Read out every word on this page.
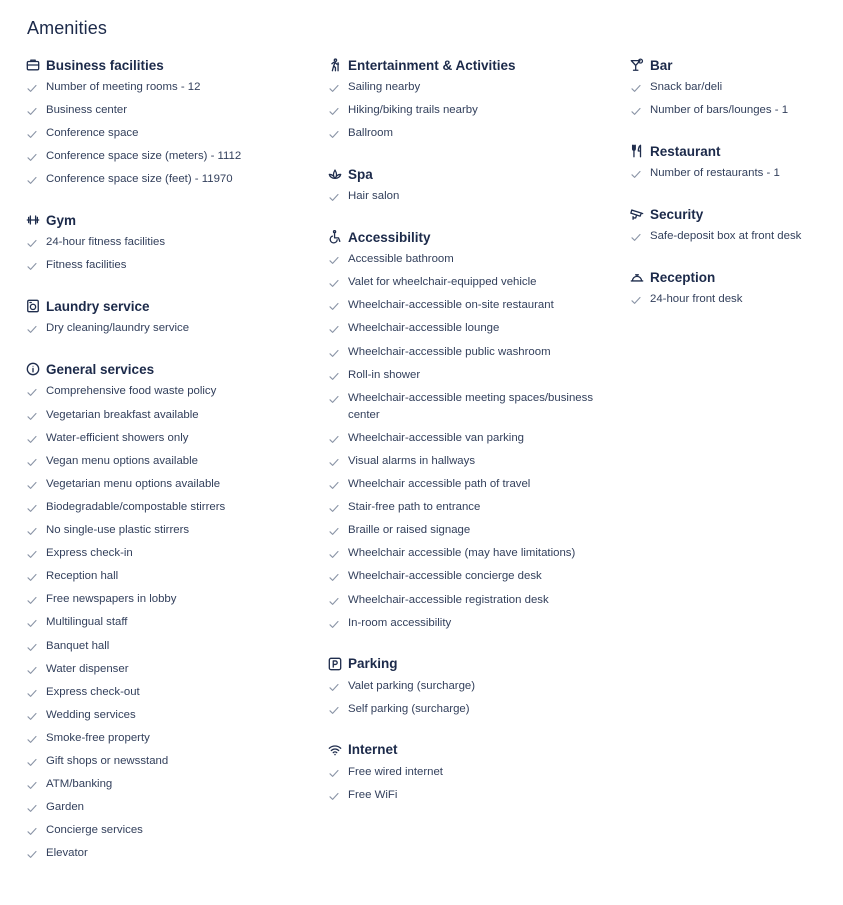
Amenities
Business facilities
Number of meeting rooms - 12
Business center
Conference space
Conference space size (meters) - 1112
Conference space size (feet) - 11970
Gym
24-hour fitness facilities
Fitness facilities
Laundry service
Dry cleaning/laundry service
General services
Comprehensive food waste policy
Vegetarian breakfast available
Water-efficient showers only
Vegan menu options available
Vegetarian menu options available
Biodegradable/compostable stirrers
No single-use plastic stirrers
Express check-in
Reception hall
Free newspapers in lobby
Multilingual staff
Banquet hall
Water dispenser
Express check-out
Wedding services
Smoke-free property
Gift shops or newsstand
ATM/banking
Garden
Concierge services
Elevator
Entertainment & Activities
Sailing nearby
Hiking/biking trails nearby
Ballroom
Spa
Hair salon
Accessibility
Accessible bathroom
Valet for wheelchair-equipped vehicle
Wheelchair-accessible on-site restaurant
Wheelchair-accessible lounge
Wheelchair-accessible public washroom
Roll-in shower
Wheelchair-accessible meeting spaces/business center
Wheelchair-accessible van parking
Visual alarms in hallways
Wheelchair accessible path of travel
Stair-free path to entrance
Braille or raised signage
Wheelchair accessible (may have limitations)
Wheelchair-accessible concierge desk
Wheelchair-accessible registration desk
In-room accessibility
Parking
Valet parking (surcharge)
Self parking (surcharge)
Internet
Free wired internet
Free WiFi
Bar
Snack bar/deli
Number of bars/lounges - 1
Restaurant
Number of restaurants - 1
Security
Safe-deposit box at front desk
Reception
24-hour front desk
